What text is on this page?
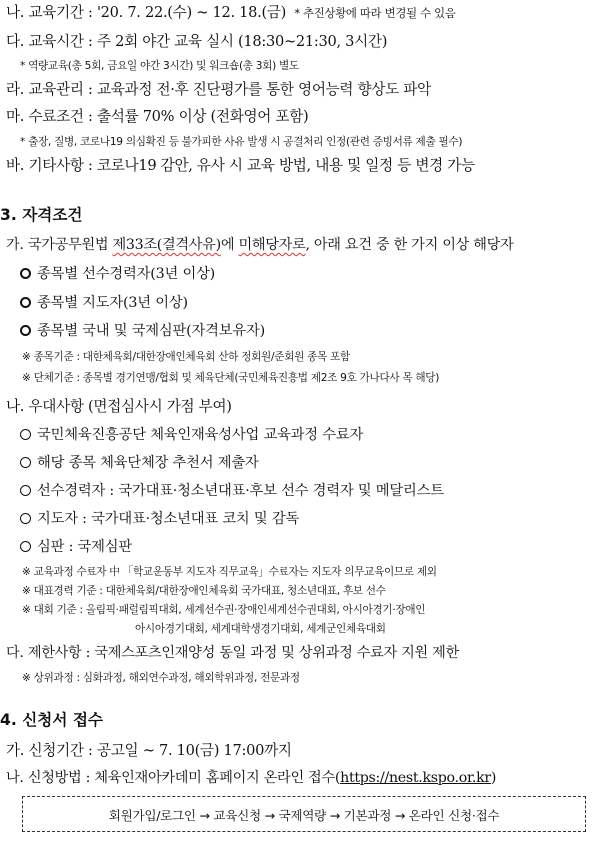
나. 교육기간 : '20. 7. 22.(수) ~ 12. 18.(금) * 추진상황에 따라 변경될 수 있음
다. 교육시간 : 주 2회 야간 교육 실시 (18:30~21:30, 3시간)
* 역량교육(총 5회, 금요일 야간 3시간) 및 워크숍(총 3회) 별도
라. 교육관리 : 교육과정 전·후 진단평가를 통한 영어능력 향상도 파악
마. 수료조건 : 출석률 70% 이상 (전화영어 포함)
* 출장, 질병, 코로나19 의심확진 등 불가피한 사유 발생 시 공결처리 인정(관련 증빙서류 제출 필수)
바. 기타사항 : 코로나19 감안, 유사 시 교육 방법, 내용 및 일정 등 변경 가능
3. 자격조건
가. 국가공무원법 제33조(결격사유)에 미해당자로, 아래 요건 중 한 가지 이상 해당자
종목별 선수경력자(3년 이상)
종목별 지도자(3년 이상)
종목별 국내 및 국제심판(자격보유자)
※ 종목기준 : 대한체육회/대한장애인체육회 산하 정회원/준회원 종목 포함
※ 단체기준 : 종목별 경기연맹/협회 및 체육단체(국민체육진흥법 제2조 9호 가나다사 목 해당)
나. 우대사항 (면접심사시 가점 부여)
국민체육진흥공단 체육인재육성사업 교육과정 수료자
해당 종목 체육단체장 추천서 제출자
선수경력자 : 국가대표·청소년대표·후보 선수 경력자 및 메달리스트
지도자 : 국가대표·청소년대표 코치 및 감독
심판 : 국제심판
※ 교육과정 수료자 中 「학교운동부 지도자 직무교육」수료자는 지도자 의무교육이므로 제외
※ 대표경력 기준 : 대한체육회/대한장애인체육회 국가대표, 청소년대표, 후보 선수
※ 대회 기준 : 올림픽·패럴림픽대회, 세계선수권·장애인세계선수권대회, 아시아경기·장애인
아시아경기대회, 세계대학생경기대회, 세계군인체육대회
다. 제한사항 : 국제스포츠인재양성 동일 과정 및 상위과정 수료자 지원 제한
※ 상위과정 : 심화과정, 해외연수과정, 해외학위과정, 전문과정
4. 신청서 접수
가. 신청기간 : 공고일 ~ 7. 10(금) 17:00까지
나. 신청방법 : 체육인재아카데미 홈페이지 온라인 접수(https://nest.kspo.or.kr)
회원가입/로그인 → 교육신청 → 국제역량 → 기본과정 → 온라인 신청·접수
